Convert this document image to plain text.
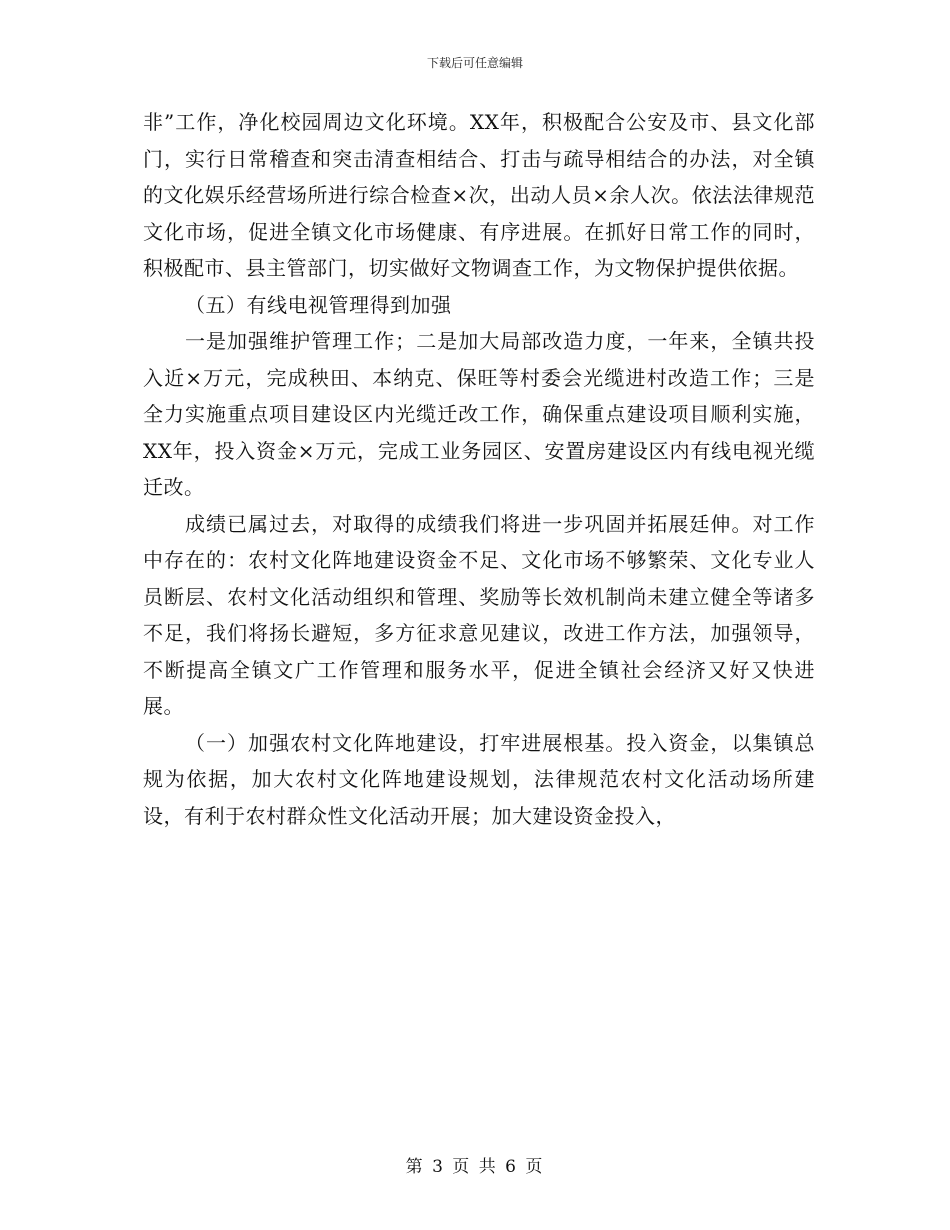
下载后可任意编辑

非”工作，净化校园周边文化环境。XX年，积极配合公安及市、县文化部门，实行日常稽查和突击清查相结合、打击与疏导相结合的办法，对全镇的文化娱乐经营场所进行综合检查×次，出动人员×余人次。依法法律规范文化市场，促进全镇文化市场健康、有序进展。在抓好日常工作的同时，积极配市、县主管部门，切实做好文物调查工作，为文物保护提供依据。

（五）有线电视管理得到加强

一是加强维护管理工作；二是加大局部改造力度，一年来，全镇共投入近×万元，完成秧田、本纳克、保旺等村委会光缆进村改造工作；三是全力实施重点项目建设区内光缆迁改工作，确保重点建设项目顺利实施，XX年，投入资金×万元，完成工业务园区、安置房建设区内有线电视光缆迁改。

成绩已属过去，对取得的成绩我们将进一步巩固并拓展廷伸。对工作中存在的：农村文化阵地建设资金不足、文化市场不够繁荣、文化专业人员断层、农村文化活动组织和管理、奖励等长效机制尚未建立健全等诸多不足，我们将扬长避短，多方征求意见建议，改进工作方法，加强领导，不断提高全镇文广工作管理和服务水平，促进全镇社会经济又好又快进展。

（一）加强农村文化阵地建设，打牢进展根基。投入资金，以集镇总规为依据，加大农村文化阵地建设规划，法律规范农村文化活动场所建设，有利于农村群众性文化活动开展；加大建设资金投入，

第 3 页 共 6 页
